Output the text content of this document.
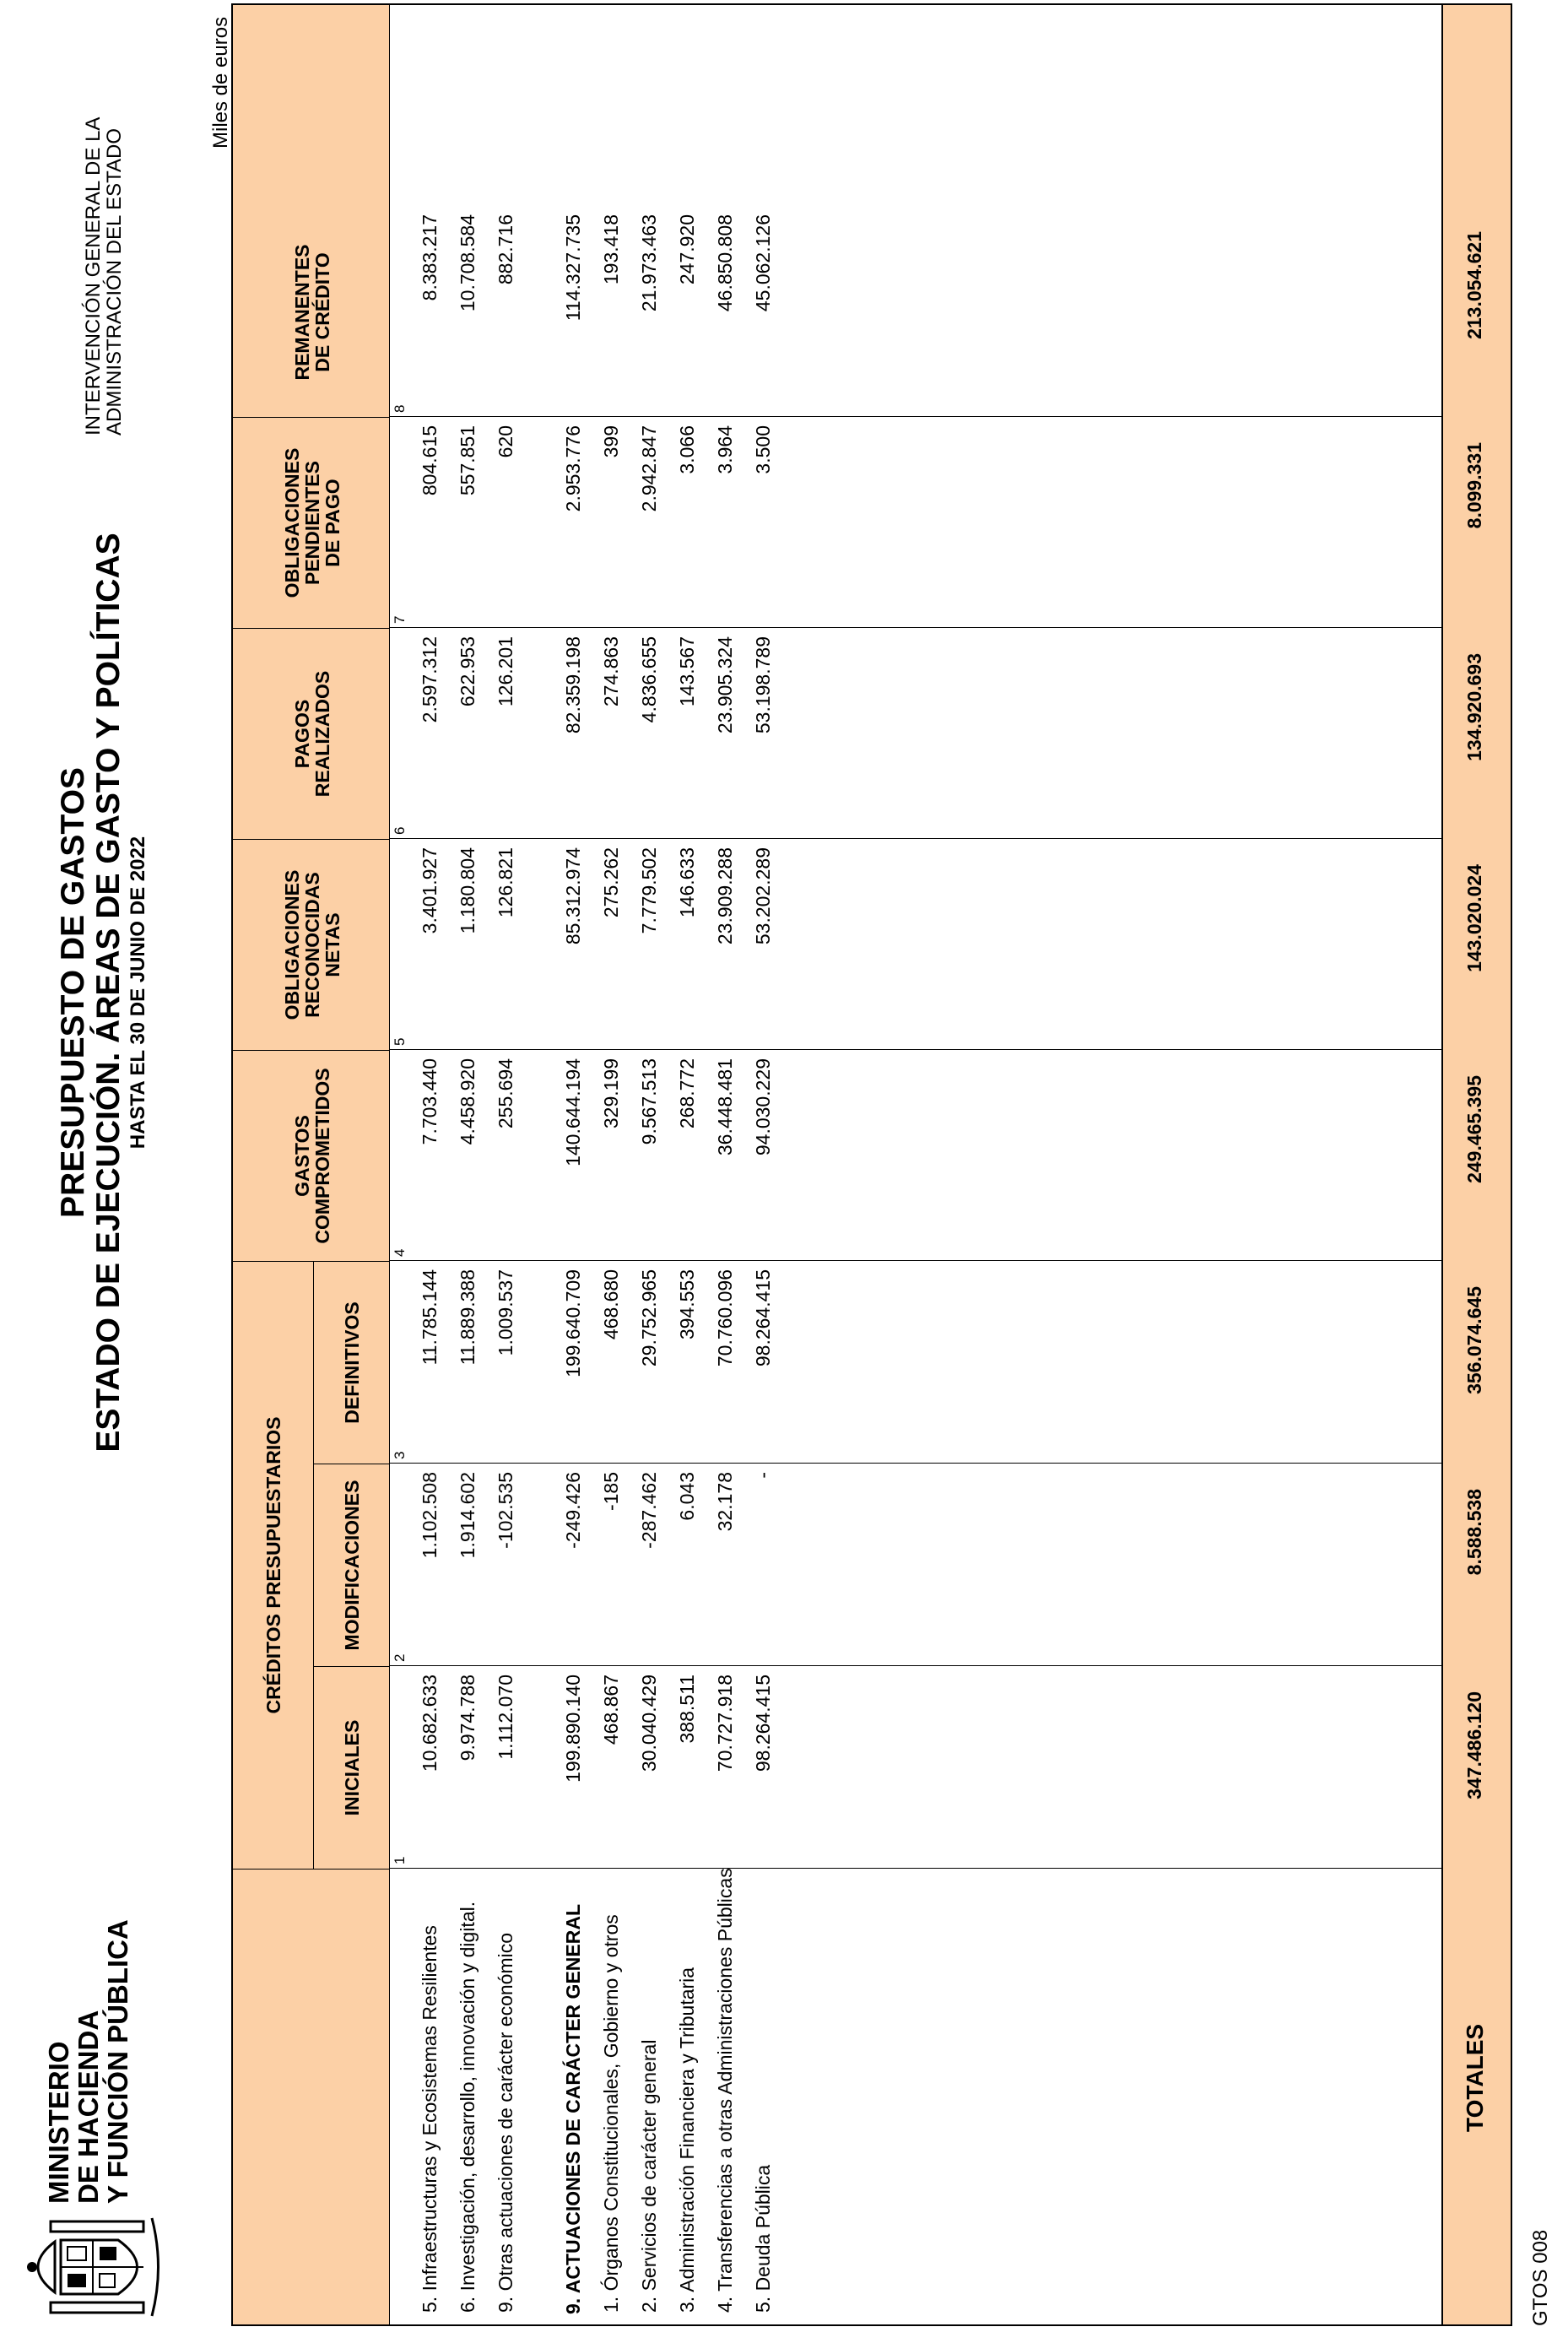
MINISTERIO
DE HACIENDA
Y FUNCIÓN PÚBLICA
PRESUPUESTO DE GASTOS ESTADO DE EJECUCIÓN. ÁREAS DE GASTO Y POLÍTICAS HASTA EL 30 DE JUNIO DE 2022
INTERVENCIÓN GENERAL DE LA
ADMINISTRACIÓN DEL ESTADO
Miles de euros
CRÉDITOS PRESUPUESTARIOS
INICIALES
MODIFICACIONES
DEFINITIVOS
GASTOS
COMPROMETIDOS
OBLIGACIONES
RECONOCIDAS
NETAS
PAGOS
REALIZADOS
OBLIGACIONES
PENDIENTES
DE PAGO
REMANENTES
DE CRÉDITO
1
2
3
4
5
6
7
8
5. Infraestructuras y Ecosistemas Resilientes
10.682.633
1.102.508
11.785.144
7.703.440
3.401.927
2.597.312
804.615
8.383.217
6. Investigación, desarrollo, innovación y digital.
9.974.788
1.914.602
11.889.388
4.458.920
1.180.804
622.953
557.851
10.708.584
9. Otras actuaciones de carácter económico
1.112.070
-102.535
1.009.537
255.694
126.821
126.201
620
882.716
9. ACTUACIONES DE CARÁCTER GENERAL
199.890.140
-249.426
199.640.709
140.644.194
85.312.974
82.359.198
2.953.776
114.327.735
1. Órganos Constitucionales, Gobierno y otros
468.867
-185
468.680
329.199
275.262
274.863
399
193.418
2. Servicios de carácter general
30.040.429
-287.462
29.752.965
9.567.513
7.779.502
4.836.655
2.942.847
21.973.463
3. Administración Financiera y Tributaria
388.511
6.043
394.553
268.772
146.633
143.567
3.066
247.920
4. Transferencias a otras Administraciones Públicas
70.727.918
32.178
70.760.096
36.448.481
23.909.288
23.905.324
3.964
46.850.808
5. Deuda Pública
98.264.415
-
98.264.415
94.030.229
53.202.289
53.198.789
3.500
45.062.126
TOTALES
347.486.120
8.588.538
356.074.645
249.465.395
143.020.024
134.920.693
8.099.331
213.054.621
GTOS 008
